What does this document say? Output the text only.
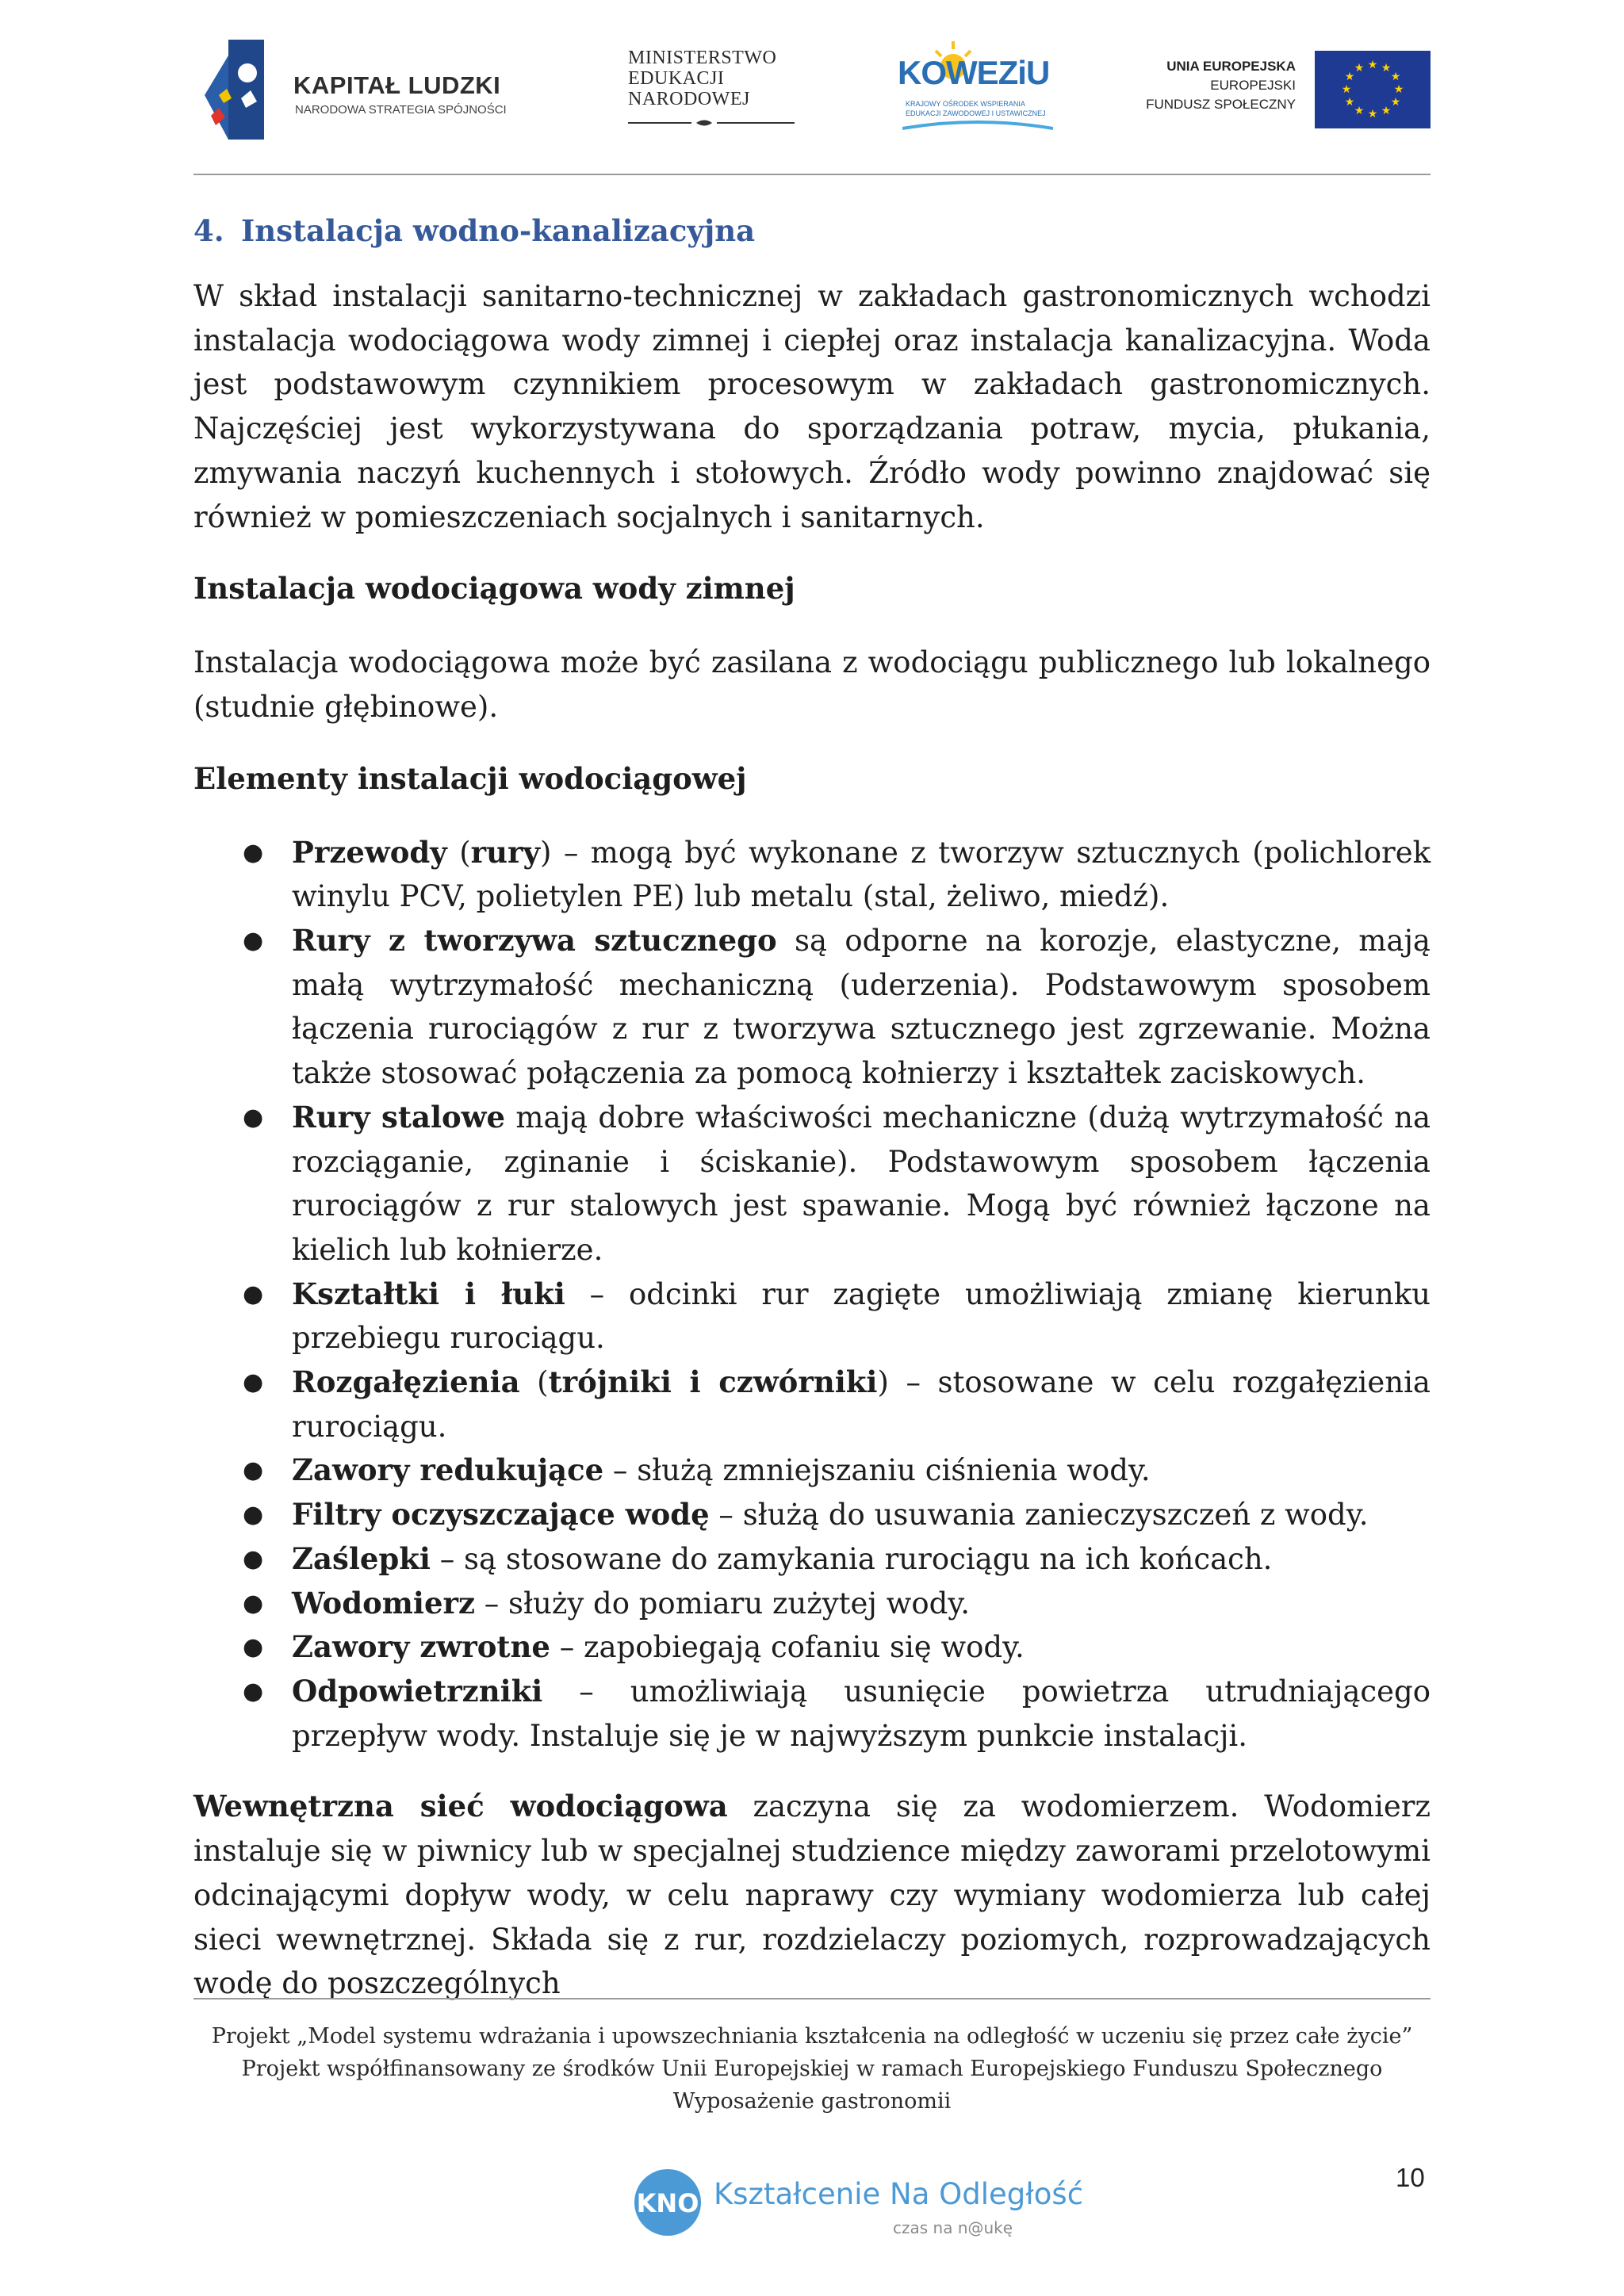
KAPITAŁ LUDZKI
NARODOWA STRATEGIA SPÓJNOŚCI
MINISTERSTWO
EDUKACJI
NARODOWEJ
KOWEZiU
KRAJOWY OŚRODEK WSPIERANIA
EDUKACJI ZAWODOWEJ I USTAWICZNEJ
UNIA EUROPEJSKA
EUROPEJSKI
FUNDUSZ SPOŁECZNY
★ ★
★
★
★
★
★
★
★
★
★
★
4. Instalacja wodno-kanalizacyjna

W skład instalacji sanitarno-technicznej w zakładach gastronomicznych wchodzi instalacja wodociągowa wody zimnej i ciepłej oraz instalacja kanalizacyjna. Woda jest podstawowym czynnikiem procesowym w zakładach gastronomicznych. Najczęściej jest wykorzystywana do sporządzania potraw, mycia, płukania, zmywania naczyń kuchennych i stołowych. Źródło wody powinno znajdować się również w pomieszczeniach socjalnych i sanitarnych.

Instalacja wodociągowa wody zimnej

Instalacja wodociągowa może być zasilana z wodociągu publicznego lub lokalnego (studnie głębinowe).

Elementy instalacji wodociągowej
● Przewody (rury) – mogą być wykonane z tworzyw sztucznych (polichlorek winylu PCV, polietylen PE) lub metalu (stal, żeliwo, miedź).
● Rury z tworzywa sztucznego są odporne na korozje, elastyczne, mają małą wytrzymałość mechaniczną (uderzenia). Podstawowym sposobem łączenia rurociągów z rur z tworzywa sztucznego jest zgrzewanie. Można także stosować połączenia za pomocą kołnierzy i kształtek zaciskowych.
● Rury stalowe mają dobre właściwości mechaniczne (dużą wytrzymałość na rozciąganie, zginanie i ściskanie). Podstawowym sposobem łączenia rurociągów z rur stalowych jest spawanie. Mogą być również łączone na kielich lub kołnierze.
● Kształtki i łuki – odcinki rur zagięte umożliwiają zmianę kierunku przebiegu rurociągu.
● Rozgałęzienia (trójniki i czwórniki) – stosowane w celu rozgałęzienia rurociągu.
● Zawory redukujące – służą zmniejszaniu ciśnienia wody.
● Filtry oczyszczające wodę – służą do usuwania zanieczyszczeń z wody.
● Zaślepki – są stosowane do zamykania rurociągu na ich końcach.
● Wodomierz – służy do pomiaru zużytej wody.
● Zawory zwrotne – zapobiegają cofaniu się wody.
● Odpowietrzniki – umożliwiają usunięcie powietrza utrudniającego przepływ wody. Instaluje się je w najwyższym punkcie instalacji.

Wewnętrzna sieć wodociągowa zaczyna się za wodomierzem. Wodomierz instaluje się w piwnicy lub w specjalnej studzience między zaworami przelotowymi odcinającymi dopływ wody, w celu naprawy czy wymiany wodomierza lub całej sieci wewnętrznej. Składa się z rur, rozdzielaczy poziomych, rozprowadzających wodę do poszczególnych

Projekt „Model systemu wdrażania i upowszechniania kształcenia na odległość w uczeniu się przez całe życie”
Projekt współfinansowany ze środków Unii Europejskiej w ramach Europejskiego Funduszu Społecznego
Wyposażenie gastronomii
KNO Kształcenie Na Odległość
czas na n@ukę
10
